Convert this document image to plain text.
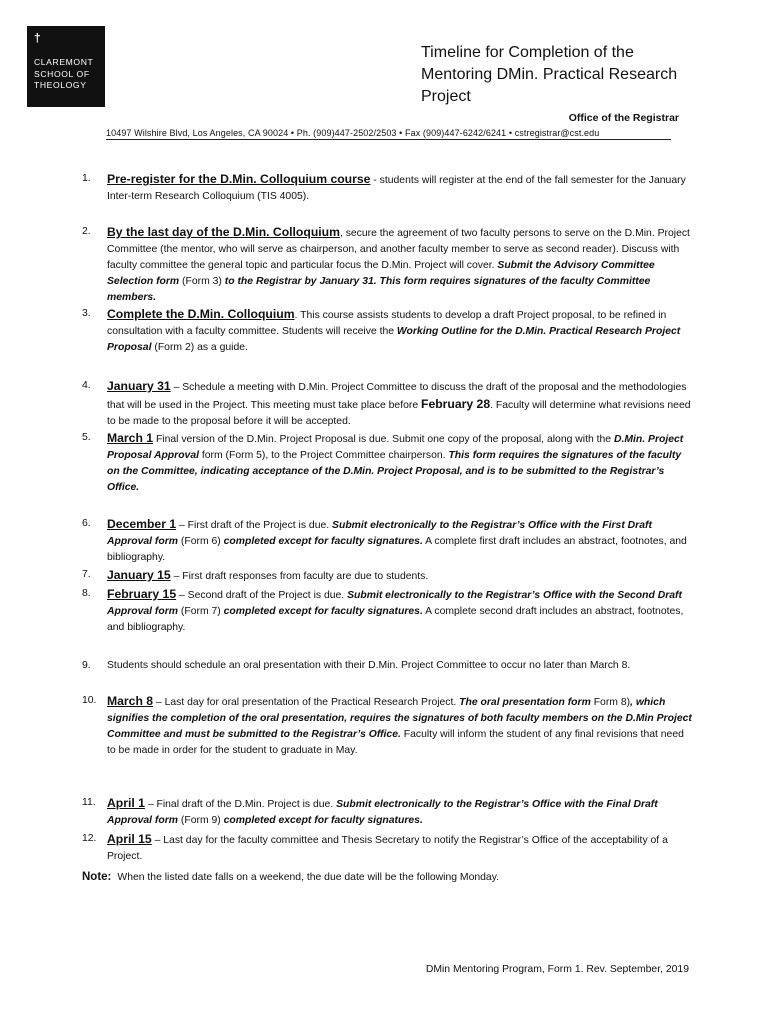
†
CLAREMONT
SCHOOL OF
THEOLOGY
Timeline for Completion of the
Mentoring DMin. Practical Research
Project
Office of the Registrar
10497 Wilshire Blvd, Los Angeles, CA 90024 • Ph. (909)447-2502/2503 • Fax (909)447-6242/6241 • cstregistrar@cst.edu
1.	Pre-register for the D.Min. Colloquium course - students will register at the end of the fall semester for the January Inter-term Research Colloquium (TIS 4005).
2.	By the last day of the D.Min. Colloquium, secure the agreement of two faculty persons to serve on the D.Min. Project Committee (the mentor, who will serve as chairperson, and another faculty member to serve as second reader). Discuss with faculty committee the general topic and particular focus the D.Min. Project will cover. Submit the Advisory Committee Selection form (Form 3) to the Registrar by January 31. This form requires signatures of the faculty Committee members.
3.	Complete the D.Min. Colloquium. This course assists students to develop a draft Project proposal, to be refined in consultation with a faculty committee. Students will receive the Working Outline for the D.Min. Practical Research Project Proposal (Form 2) as a guide.
4.	January 31 – Schedule a meeting with D.Min. Project Committee to discuss the draft of the proposal and the methodologies that will be used in the Project. This meeting must take place before February 28. Faculty will determine what revisions need to be made to the proposal before it will be accepted.
5.	March 1 Final version of the D.Min. Project Proposal is due. Submit one copy of the proposal, along with the D.Min. Project Proposal Approval form (Form 5), to the Project Committee chairperson. This form requires the signatures of the faculty on the Committee, indicating acceptance of the D.Min. Project Proposal, and is to be submitted to the Registrar’s Office.
6.	December 1 – First draft of the Project is due. Submit electronically to the Registrar’s Office with the First Draft Approval form (Form 6) completed except for faculty signatures. A complete first draft includes an abstract, footnotes, and bibliography.
7.	January 15 – First draft responses from faculty are due to students.
8.	February 15 – Second draft of the Project is due. Submit electronically to the Registrar’s Office with the Second Draft Approval form (Form 7) completed except for faculty signatures. A complete second draft includes an abstract, footnotes, and bibliography.
9.	Students should schedule an oral presentation with their D.Min. Project Committee to occur no later than March 8.
10. March 8 – Last day for oral presentation of the Practical Research Project. The oral presentation form Form 8), which signifies the completion of the oral presentation, requires the signatures of both faculty members on the D.Min Project Committee and must be submitted to the Registrar’s Office. Faculty will inform the student of any final revisions that need to be made in order for the student to graduate in May.
11. April 1 – Final draft of the D.Min. Project is due. Submit electronically to the Registrar’s Office with the Final Draft Approval form (Form 9) completed except for faculty signatures.
12. April 15 – Last day for the faculty committee and Thesis Secretary to notify the Registrar’s Office of the acceptability of a Project.
Note: When the listed date falls on a weekend, the due date will be the following Monday.
DMin Mentoring Program, Form 1. Rev. September, 2019
